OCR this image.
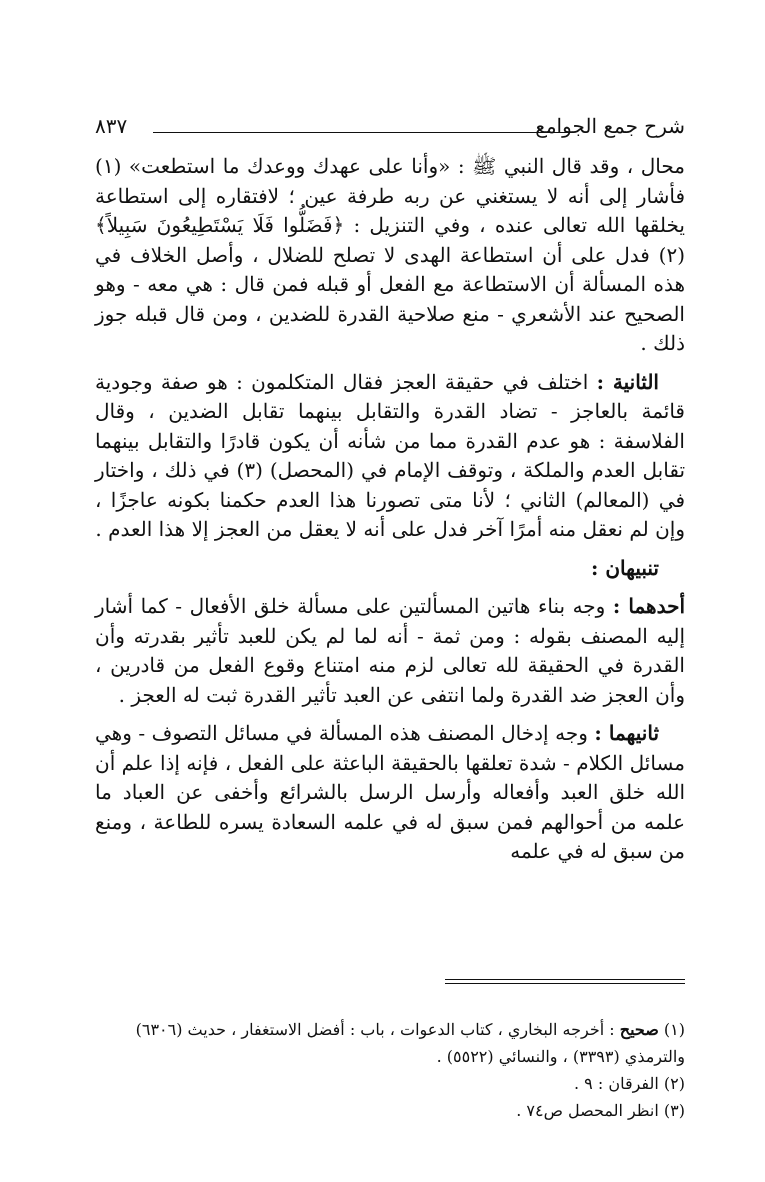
شرح جمع الجوامع
٨٣٧

محال ، وقد قال النبي ﷺ : «وأنا على عهدك ووعدك ما استطعت» (١) فأشار إلى أنه لا يستغني عن ربه طرفة عين ؛ لافتقاره إلى استطاعة يخلقها الله تعالى عنده ، وفي التنزيل : ﴿فَضَلُّوا فَلَا يَسْتَطِيعُونَ سَبِيلاً﴾ (٢) فدل على أن استطاعة الهدى لا تصلح للضلال ، وأصل الخلاف في هذه المسألة أن الاستطاعة مع الفعل أو قبله فمن قال : هي معه - وهو الصحيح عند الأشعري - منع صلاحية القدرة للضدين ، ومن قال قبله جوز ذلك .

الثانية : اختلف في حقيقة العجز فقال المتكلمون : هو صفة وجودية قائمة بالعاجز - تضاد القدرة والتقابل بينهما تقابل الضدين ، وقال الفلاسفة : هو عدم القدرة مما من شأنه أن يكون قادرًا والتقابل بينهما تقابل العدم والملكة ، وتوقف الإمام في (المحصل) (٣) في ذلك ، واختار في (المعالم) الثاني ؛ لأنا متى تصورنا هذا العدم حكمنا بكونه عاجزًا ، وإن لم نعقل منه أمرًا آخر فدل على أنه لا يعقل من العجز إلا هذا العدم .

تنبيهان :

أحدهما : وجه بناء هاتين المسألتين على مسألة خلق الأفعال - كما أشار إليه المصنف بقوله : ومن ثمة - أنه لما لم يكن للعبد تأثير بقدرته وأن القدرة في الحقيقة لله تعالى لزم منه امتناع وقوع الفعل من قادرين ، وأن العجز ضد القدرة ولما انتفى عن العبد تأثير القدرة ثبت له العجز .

ثانيهما : وجه إدخال المصنف هذه المسألة في مسائل التصوف - وهي مسائل الكلام - شدة تعلقها بالحقيقة الباعثة على الفعل ، فإنه إذا علم أن الله خلق العبد وأفعاله وأرسل الرسل بالشرائع وأخفى عن العباد ما علمه من أحوالهم فمن سبق له في علمه السعادة يسره للطاعة ، ومنع من سبق له في علمه

(١) صحيح : أخرجه البخاري ، كتاب الدعوات ، باب : أفضل الاستغفار ، حديث (٦٣٠٦) والترمذي (٣٣٩٣) ، والنسائي (٥٥٢٢) .

(٢) الفرقان : ٩ .

(٣) انظر المحصل ص٧٤ .
